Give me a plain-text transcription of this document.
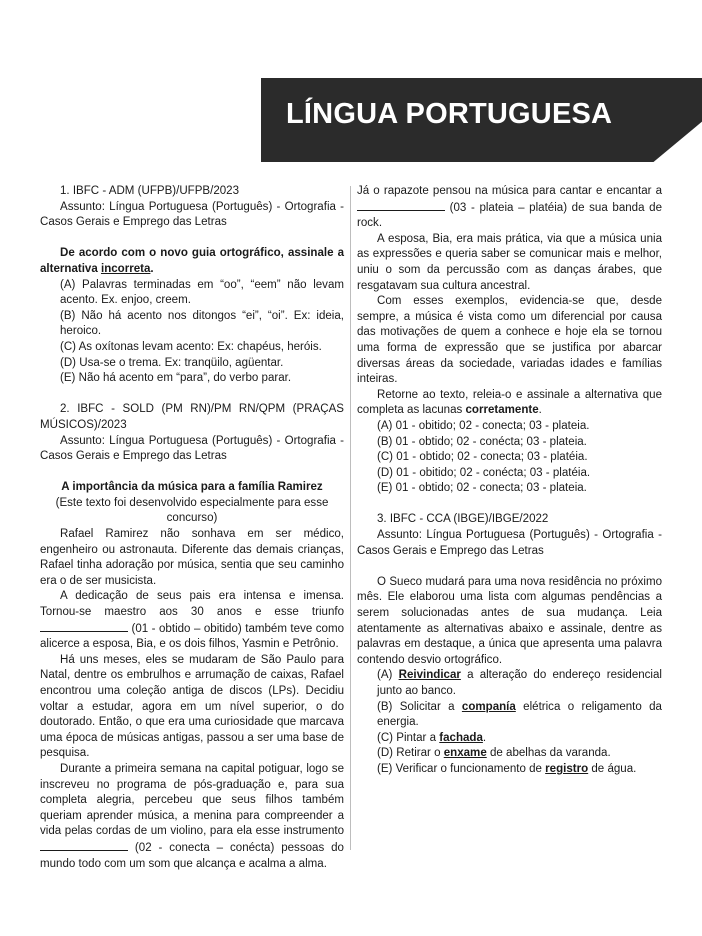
LÍNGUA PORTUGUESA

1. IBFC - ADM (UFPB)/UFPB/2023

Assunto: Língua Portuguesa (Português) - Ortografia - Casos Gerais e Emprego das Letras

De acordo com o novo guia ortográfico, assinale a alternativa incorreta.

(A) Palavras terminadas em “oo”, “eem” não levam acento. Ex. enjoo, creem.

(B) Não há acento nos ditongos “ei”, “oi”. Ex: ideia, heroico.

(C) As oxítonas levam acento: Ex: chapéus, heróis.

(D) Usa-se o trema. Ex: tranqüilo, agüentar.

(E) Não há acento em “para”, do verbo parar.

2. IBFC - SOLD (PM RN)/PM RN/QPM (PRAÇAS MÚSICOS)/2023

Assunto: Língua Portuguesa (Português) - Ortografia - Casos Gerais e Emprego das Letras

A importância da música para a família Ramirez

(Este texto foi desenvolvido especialmente para esse concurso)

Rafael Ramirez não sonhava em ser médico, engenheiro ou astronauta. Diferente das demais crianças, Rafael tinha adoração por música, sentia que seu caminho era o de ser musicista.

A dedicação de seus pais era intensa e imensa. Tornou-se maestro aos 30 anos e esse triunfo  (01 - obtido – obitido) também teve como alicerce a esposa, Bia, e os dois filhos, Yasmin e Petrônio.

Há uns meses, eles se mudaram de São Paulo para Natal, dentre os embrulhos e arrumação de caixas, Rafael encontrou uma coleção antiga de discos (LPs). Decidiu voltar a estudar, agora em um nível superior, o do doutorado. Então, o que era uma curiosidade que marcava uma época de músicas antigas, passou a ser uma base de pesquisa.

Durante a primeira semana na capital potiguar, logo se inscreveu no programa de pós-graduação e, para sua completa alegria, percebeu que seus filhos também queriam aprender música, a menina para compreender a vida pelas cordas de um violino, para ela esse instrumento  (02 - conecta – conécta) pessoas do mundo todo com um som que alcança e acalma a alma.

Já o rapazote pensou na música para cantar e encantar a  (03 - plateia – platéia) de sua banda de rock.

A esposa, Bia, era mais prática, via que a música unia as expressões e queria saber se comunicar mais e melhor, uniu o som da percussão com as danças árabes, que resgatavam sua cultura ancestral.

Com esses exemplos, evidencia-se que, desde sempre, a música é vista como um diferencial por causa das motivações de quem a conhece e hoje ela se tornou uma forma de expressão que se justifica por abarcar diversas áreas da sociedade, variadas idades e famílias inteiras.

Retorne ao texto, releia-o e assinale a alternativa que completa as lacunas corretamente.

(A) 01 - obitido; 02 - conecta; 03 - plateia.

(B) 01 - obtido; 02 - conécta; 03 - plateia.

(C) 01 - obtido; 02 - conecta; 03 - platéia.

(D) 01 - obitido; 02 - conécta; 03 - platéia.

(E) 01 - obtido; 02 - conecta; 03 - plateia.

3. IBFC - CCA (IBGE)/IBGE/2022

Assunto: Língua Portuguesa (Português) - Ortografia - Casos Gerais e Emprego das Letras

O Sueco mudará para uma nova residência no próximo mês. Ele elaborou uma lista com algumas pendências a serem solucionadas antes de sua mudança. Leia atentamente as alternativas abaixo e assinale, dentre as palavras em destaque, a única que apresenta uma palavra contendo desvio ortográfico.

(A) Reivindicar a alteração do endereço residencial junto ao banco.

(B) Solicitar a companía elétrica o religamento da energia.

(C) Pintar a fachada.

(D) Retirar o enxame de abelhas da varanda.

(E) Verificar o funcionamento de registro de água.
